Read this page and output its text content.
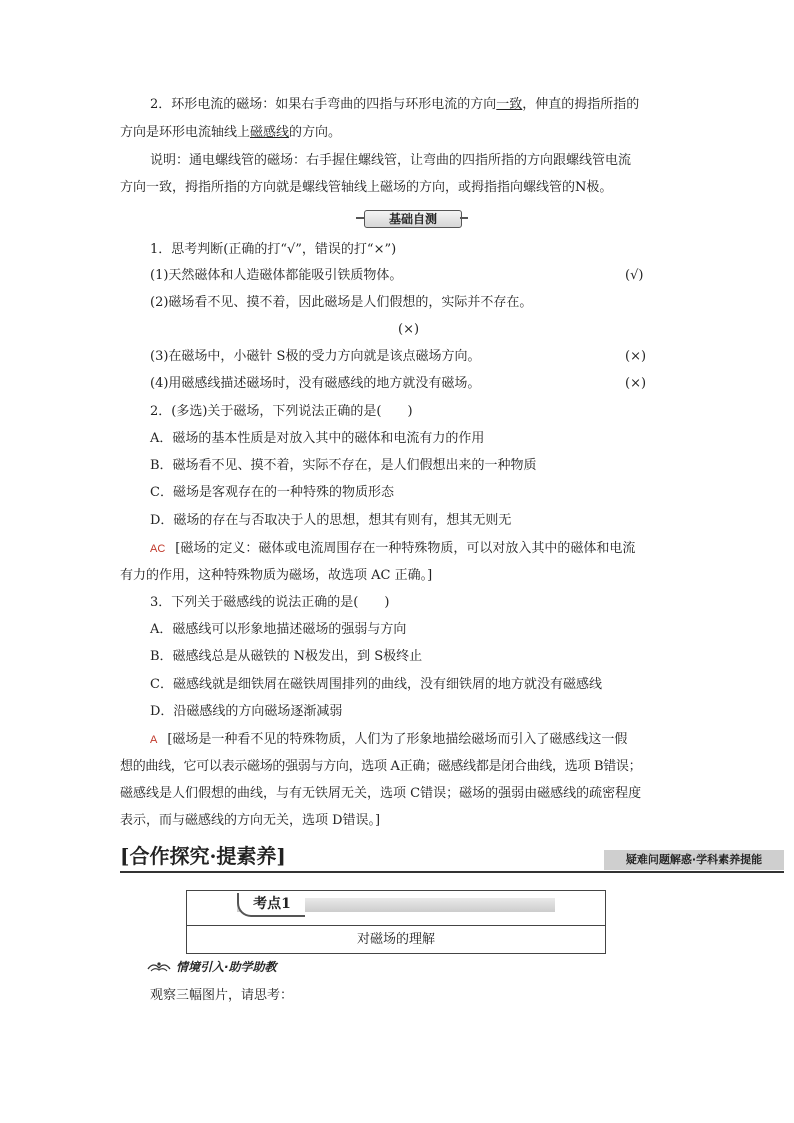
2．环形电流的磁场：如果右手弯曲的四指与环形电流的方向一致，伸直的拇指所指的
方向是环形电流轴线上磁感线的方向。
说明：通电螺线管的磁场：右手握住螺线管，让弯曲的四指所指的方向跟螺线管电流
方向一致，拇指所指的方向就是螺线管轴线上磁场的方向，或拇指指向螺线管的N极。
基础自测
1．思考判断(正确的打“√”，错误的打“×”)
(1)天然磁体和人造磁体都能吸引铁质物体。	(√)
(2)磁场看不见、摸不着，因此磁场是人们假想的，实际并不存在。
(×)
(3)在磁场中，小磁针 S极的受力方向就是该点磁场方向。	(×)
(4)用磁感线描述磁场时，没有磁感线的地方就没有磁场。	(×)
2．(多选)关于磁场，下列说法正确的是(　　)
A．磁场的基本性质是对放入其中的磁体和电流有力的作用
B．磁场看不见、摸不着，实际不存在，是人们假想出来的一种物质
C．磁场是客观存在的一种特殊的物质形态
D．磁场的存在与否取决于人的思想，想其有则有，想其无则无
AC [磁场的定义：磁体或电流周围存在一种特殊物质，可以对放入其中的磁体和电流
有力的作用，这种特殊物质为磁场，故选项 AC 正确。]
3．下列关于磁感线的说法正确的是(　　)
A．磁感线可以形象地描述磁场的强弱与方向
B．磁感线总是从磁铁的 N极发出，到 S极终止
C．磁感线就是细铁屑在磁铁周围排列的曲线，没有细铁屑的地方就没有磁感线
D．沿磁感线的方向磁场逐渐减弱
A [磁场是一种看不见的特殊物质，人们为了形象地描绘磁场而引入了磁感线这一假
想的曲线，它可以表示磁场的强弱与方向，选项 A正确；磁感线都是闭合曲线，选项 B错误；
磁感线是人们假想的曲线，与有无铁屑无关，选项 C错误；磁场的强弱由磁感线的疏密程度
表示，而与磁感线的方向无关，选项 D错误。]
[合作探究·提素养]	疑难问题解惑·学科素养提能
考点1
对磁场的理解
情境引入·助学助教
观察三幅图片，请思考：
